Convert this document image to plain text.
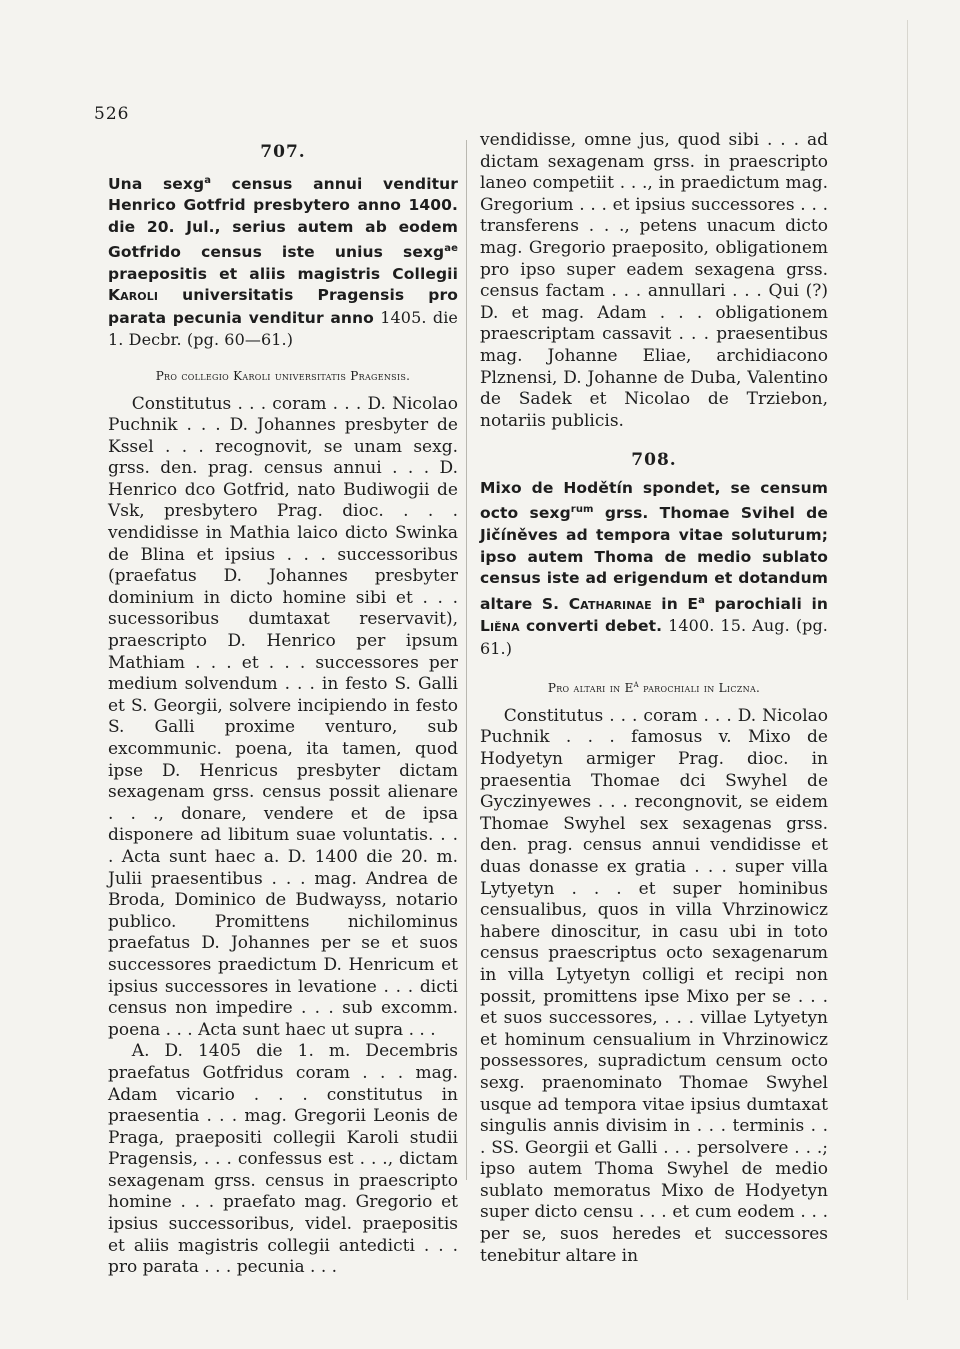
526
707.
Una sexg$^a$ census annui venditur Henrico Gotfrid presbytero anno 1400. die 20. Jul., serius autem ab eodem Gotfrido census iste unius sexg$^{ae}$ praepositis et aliis magistris Collegii Karoli universitatis Pragensis pro parata pecunia venditur anno 1405. die 1. Decbr. (pg. 60—61.)
Pro collegio Karoli universitatis Pragensis.

Constitutus . . . coram . . . D. Nicolao Puchnik . . . D. Johannes presbyter de Kssel . . . recognovit, se unam sexg. grss. den. prag. census annui . . . D. Henrico dco Gotfrid, nato Budiwogii de Vsk, presbytero Prag. dioc. . . . vendidisse in Mathia laico dicto Swinka de Blina et ipsius . . . successoribus (praefatus D. Johannes presbyter dominium in dicto homine sibi et . . . sucessoribus dumtaxat reservavit), praescripto D. Henrico per ipsum Mathiam . . . et . . . successores per medium solvendum . . . in festo S. Galli et S. Georgii, solvere incipiendo in festo S. Galli proxime venturo, sub excommunic. poena, ita tamen, quod ipse D. Henricus presbyter dictam sexagenam grss. census possit alienare . . ., donare, vendere et de ipsa disponere ad libitum suae voluntatis. . . . Acta sunt haec a. D. 1400 die 20. m. Julii praesentibus . . . mag. Andrea de Broda, Dominico de Budwayss, notario publico. Promittens nichilominus praefatus D. Johannes per se et suos successores praedictum D. Henricum et ipsius successores in levatione . . . dicti census non impedire . . . sub excomm. poena . . . Acta sunt haec ut supra . . .

A. D. 1405 die 1. m. Decembris praefatus Gotfridus coram . . . mag. Adam vicario . . . constitutus in praesentia . . . mag. Gregorii Leonis de Praga, praepositi collegii Karoli studii Pragensis, . . . confessus est . . ., dictam sexagenam grss. census in praescripto homine . . . praefato mag. Gregorio et ipsius successoribus, videl. praepositis et aliis magistris collegii antedicti . . . pro parata . . . pecunia . . .

vendidisse, omne jus, quod sibi . . . ad dictam sexagenam grss. in praescripto laneo competiit . . ., in praedictum mag. Gregorium . . . et ipsius successores . . . transferens . . ., petens unacum dicto mag. Gregorio praeposito, obligationem pro ipso super eadem sexagena grss. census factam . . . annullari . . . Qui (?) D. et mag. Adam . . . obligationem praescriptam cassavit . . . praesentibus mag. Johanne Eliae, archidiacono Plznensi, D. Johanne de Duba, Valentino de Sadek et Nicolao de Trziebon, notariis publicis.

708.
Mixo de Hodětín spondet, se censum octo sexg$^{rum}$ grss. Thomae Svihel de Jičíněves ad tempora vitae soluturum; ipso autem Thoma de medio sublato census iste ad erigendum et dotandum altare S. Catharinae in $E^a$ parochiali in Liĕna converti debet. 1400. 15. Aug. (pg. 61.)
Pro altari in $E^a$ parochiali in Liczna.

Constitutus . . . coram . . . D. Nicolao Puchnik . . . famosus v. Mixo de Hodyetyn armiger Prag. dioc. in praesentia Thomae dci Swyhel de Gyczinyewes . . . recongnovit, se eidem Thomae Swyhel sex sexagenas grss. den. prag. census annui vendidisse et duas donasse ex gratia . . . super villa Lytyetyn . . . et super hominibus censualibus, quos in villa Vhrzinowicz habere dinoscitur, in casu ubi in toto census praescriptus octo sexagenarum in villa Lytyetyn colligi et recipi non possit, promittens ipse Mixo per se . . . et suos successores, . . . villae Lytyetyn et hominum censualium in Vhrzinowicz possessores, supradictum censum octo sexg. praenominato Thomae Swyhel usque ad tempora vitae ipsius dumtaxat singulis annis divisim in . . . terminis . . . SS. Georgii et Galli . . . persolvere . . .; ipso autem Thoma Swyhel de medio sublato memoratus Mixo de Hodyetyn super dicto censu . . . et cum eodem . . . per se, suos heredes et successores tenebitur altare in
